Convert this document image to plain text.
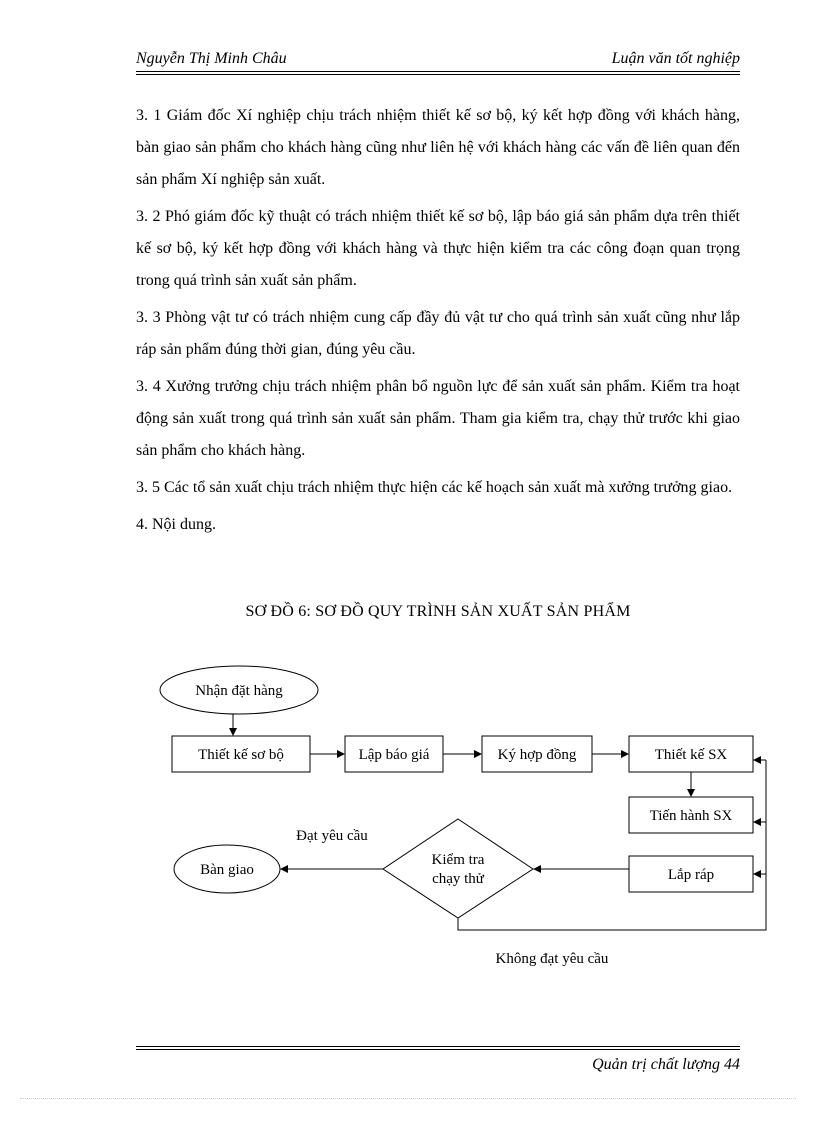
Nguyễn Thị Minh Châu	Luận văn tốt nghiệp

3. 1 Giám đốc Xí nghiệp chịu trách nhiệm thiết kế sơ bộ, ký kết hợp đồng với khách hàng, bàn giao sản phẩm cho khách hàng cũng như liên hệ với khách hàng các vấn đề liên quan đến sản phẩm Xí nghiệp sản xuất.

3. 2 Phó giám đốc kỹ thuật có trách nhiệm thiết kế sơ bộ, lập báo giá sản phẩm dựa trên thiết kế sơ bộ, ký kết hợp đồng với khách hàng và thực hiện kiểm tra các công đoạn quan trọng trong quá trình sản xuất sản phẩm.

3. 3 Phòng vật tư có trách nhiệm cung cấp đầy đủ vật tư cho quá trình sản xuất cũng như lắp ráp sản phẩm đúng thời gian, đúng yêu cầu.

3. 4 Xưởng trưởng chịu trách nhiệm phân bổ nguồn lực để sản xuất sản phẩm. Kiểm tra hoạt động sản xuất trong quá trình sản xuất sản phẩm. Tham gia kiểm tra, chạy thử trước khi giao sản phẩm cho khách hàng.

3. 5 Các tổ sản xuất chịu trách nhiệm thực hiện các kế hoạch sản xuất mà xưởng trưởng giao.

4. Nội dung.

SƠ ĐỒ 6: SƠ ĐỒ QUY TRÌNH SẢN XUẤT SẢN PHẨM
Nhận đặt hàng
Thiết kế sơ bộ	Lập báo giá	Ký hợp đồng	Thiết kế SX
Tiến hành SX
Lắp ráp
Kiểm tra
chạy thử
Bàn giao
Đạt yêu cầu
Không đạt yêu cầu
Quản trị chất lượng 44
